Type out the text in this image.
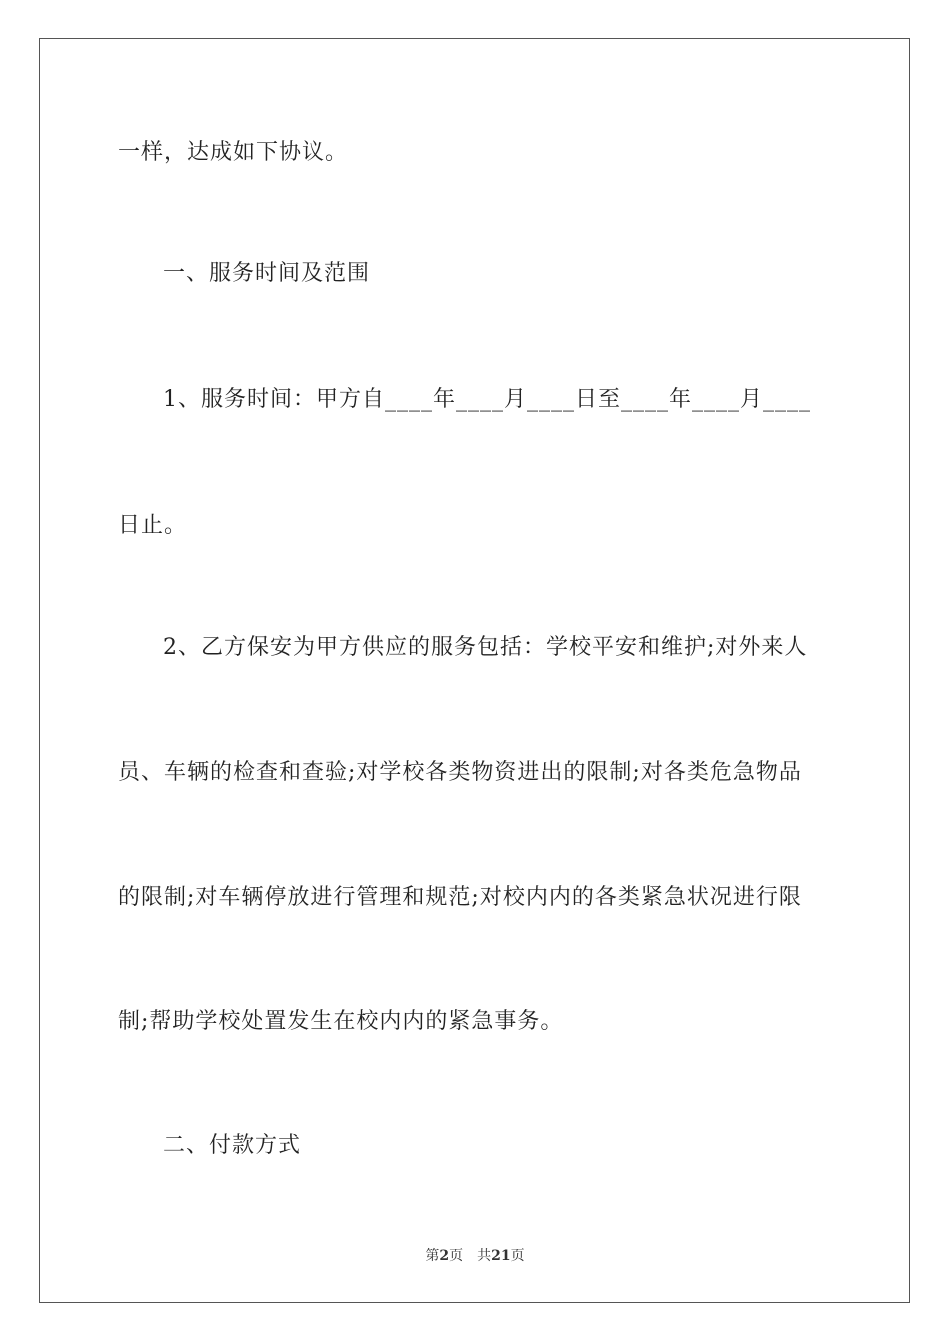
一样，达成如下协议。
一、服务时间及范围
1、服务时间：甲方自____年____月____日至____年____月____
日止。
2、乙方保安为甲方供应的服务包括：学校平安和维护;对外来人
员、车辆的检查和查验;对学校各类物资进出的限制;对各类危急物品
的限制;对车辆停放进行管理和规范;对校内内的各类紧急状况进行限
制;帮助学校处置发生在校内内的紧急事务。
二、付款方式
第2页 共21页
